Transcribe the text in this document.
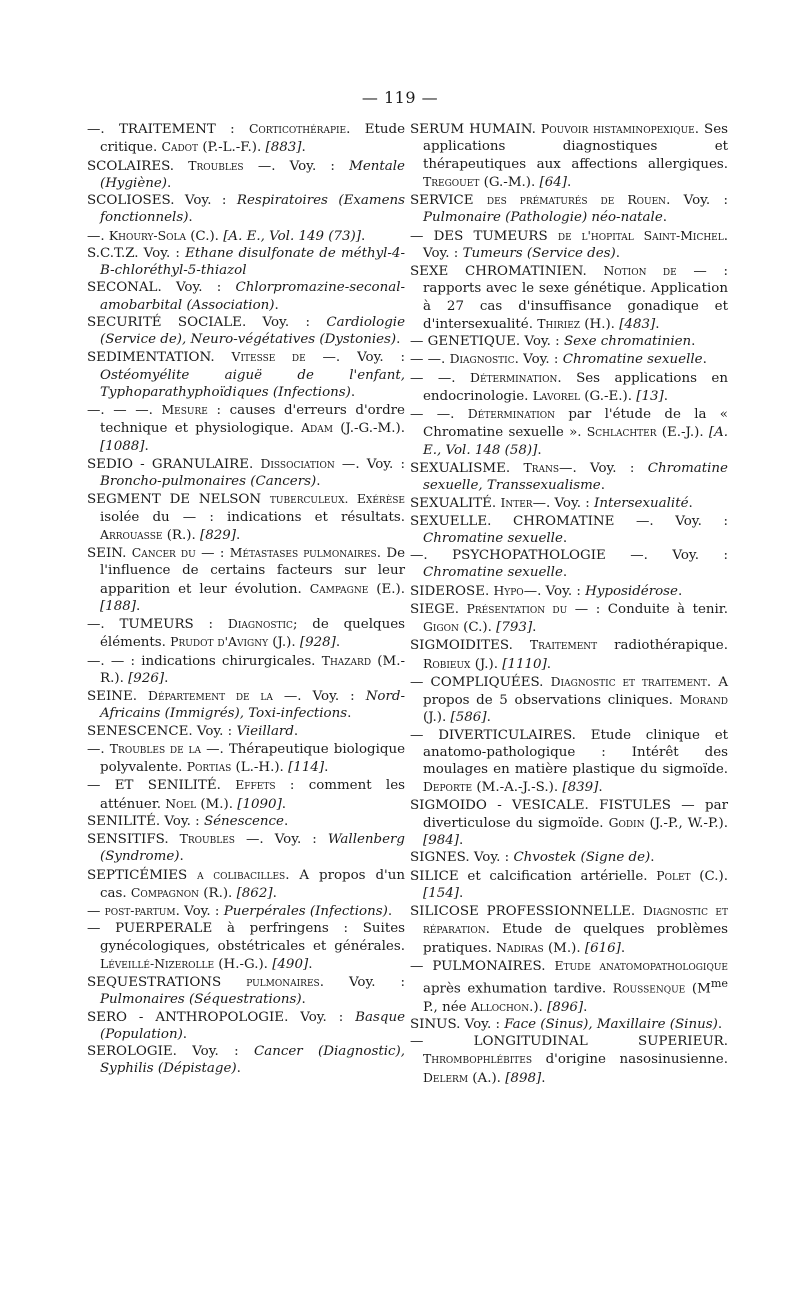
— 119 —

—. TRAITEMENT : Corticothérapie. Etude critique. Cadot (P.-L.-F.). [883].

SCOLAIRES. Troubles —. Voy. : Mentale (Hygiène).

SCOLIOSES. Voy. : Respiratoires (Examens fonctionnels).

—. Khoury-Sola (C.). [A. E., Vol. 149 (73)].

S.C.T.Z. Voy. : Ethane disulfonate de méthyl-4-B-chloréthyl-5-thiazol

SECONAL. Voy. : Chlorpromazine-seconal-amobarbital (Association).

SECURITÉ SOCIALE. Voy. : Cardiologie (Service de), Neuro-végétatives (Dystonies).

SEDIMENTATION. Vitesse de —. Voy. : Ostéomyélite aiguë de l'enfant, Typhoparathyphoïdiques (Infections).

—. — —. Mesure : causes d'erreurs d'ordre technique et physiologique. Adam (J.-G.-M.). [1088].

SEDIO - GRANULAIRE. Dissociation —. Voy. : Broncho-pulmonaires (Cancers).

SEGMENT DE NELSON tuberculeux. Exérèse isolée du — : indications et résultats. Arrouasse (R.). [829].

SEIN. Cancer du — : Métastases pulmonaires. De l'influence de certains facteurs sur leur apparition et leur évolution. Campagne (E.). [188].

—. TUMEURS : Diagnostic; de quelques éléments. Prudot d'Avigny (J.). [928].

—. — : indications chirurgicales. Thazard (M.-R.). [926].

SEINE. Département de la —. Voy. : Nord-Africains (Immigrés), Toxi-infections.

SENESCENCE. Voy. : Vieillard.

—. Troubles de la —. Thérapeutique biologique polyvalente. Portias (L.-H.). [114].

— ET SENILITÉ. Effets : comment les atténuer. Noel (M.). [1090].

SENILITÉ. Voy. : Sénescence.

SENSITIFS. Troubles —. Voy. : Wallenberg (Syndrome).

SEPTICÉMIES a colibacilles. A propos d'un cas. Compagnon (R.). [862].

— post-partum. Voy. : Puerpérales (Infections).

— PUERPERALE à perfringens : Suites gynécologiques, obstétricales et générales. Léveillé-Nizerolle (H.-G.). [490].

SEQUESTRATIONS pulmonaires. Voy. : Pulmonaires (Séquestrations).

SERO - ANTHROPOLOGIE. Voy. : Basque (Population).

SEROLOGIE. Voy. : Cancer (Diagnostic), Syphilis (Dépistage).

SERUM HUMAIN. Pouvoir histaminopexique. Ses applications diagnostiques et thérapeutiques aux affections allergiques. Tregouet (G.-M.). [64].

SERVICE des prématurés de Rouen. Voy. : Pulmonaire (Pathologie) néo-natale.

— DES TUMEURS de l'hopital Saint-Michel. Voy. : Tumeurs (Service des).

SEXE CHROMATINIEN. Notion de — : rapports avec le sexe génétique. Application à 27 cas d'insuffisance gonadique et d'intersexualité. Thiriez (H.). [483].

— GENETIQUE. Voy. : Sexe chromatinien.

— —. Diagnostic. Voy. : Chromatine sexuelle.

— —. Détermination. Ses applications en endocrinologie. Lavorel (G.-E.). [13].

— —. Détermination par l'étude de la « Chromatine sexuelle ». Schlachter (E.-J.). [A. E., Vol. 148 (58)].

SEXUALISME. Trans—. Voy. : Chromatine sexuelle, Transsexualisme.

SEXUALITÉ. Inter—. Voy. : Intersexualité.

SEXUELLE. CHROMATINE —. Voy. : Chromatine sexuelle.

—. PSYCHOPATHOLOGIE —. Voy. : Chromatine sexuelle.

SIDEROSE. Hypo—. Voy. : Hyposidérose.

SIEGE. Présentation du — : Conduite à tenir. Gigon (C.). [793].

SIGMOIDITES. Traitement radiothérapique. Robieux (J.). [1110].

— COMPLIQUÉES. Diagnostic et traitement. A propos de 5 observations cliniques. Morand (J.). [586].

— DIVERTICULAIRES. Etude clinique et anatomo-pathologique : Intérêt des moulages en matière plastique du sigmoïde. Deporte (M.-A.-J.-S.). [839].

SIGMOIDO - VESICALE. FISTULES — par diverticulose du sigmoïde. Godin (J.-P., W.-P.). [984].

SIGNES. Voy. : Chvostek (Signe de).

SILICE et calcification artérielle. Polet (C.). [154].

SILICOSE PROFESSIONNELLE. Diagnostic et réparation. Etude de quelques problèmes pratiques. Nadiras (M.). [616].

— PULMONAIRES. Etude anatomopathologique après exhumation tardive. Roussenque ($M^{me}$ P., née Allochon.). [896].

SINUS. Voy. : Face (Sinus), Maxillaire (Sinus).

— LONGITUDINAL SUPERIEUR. Thrombophlébites d'origine nasosinusienne. Delerm (A.). [898].
